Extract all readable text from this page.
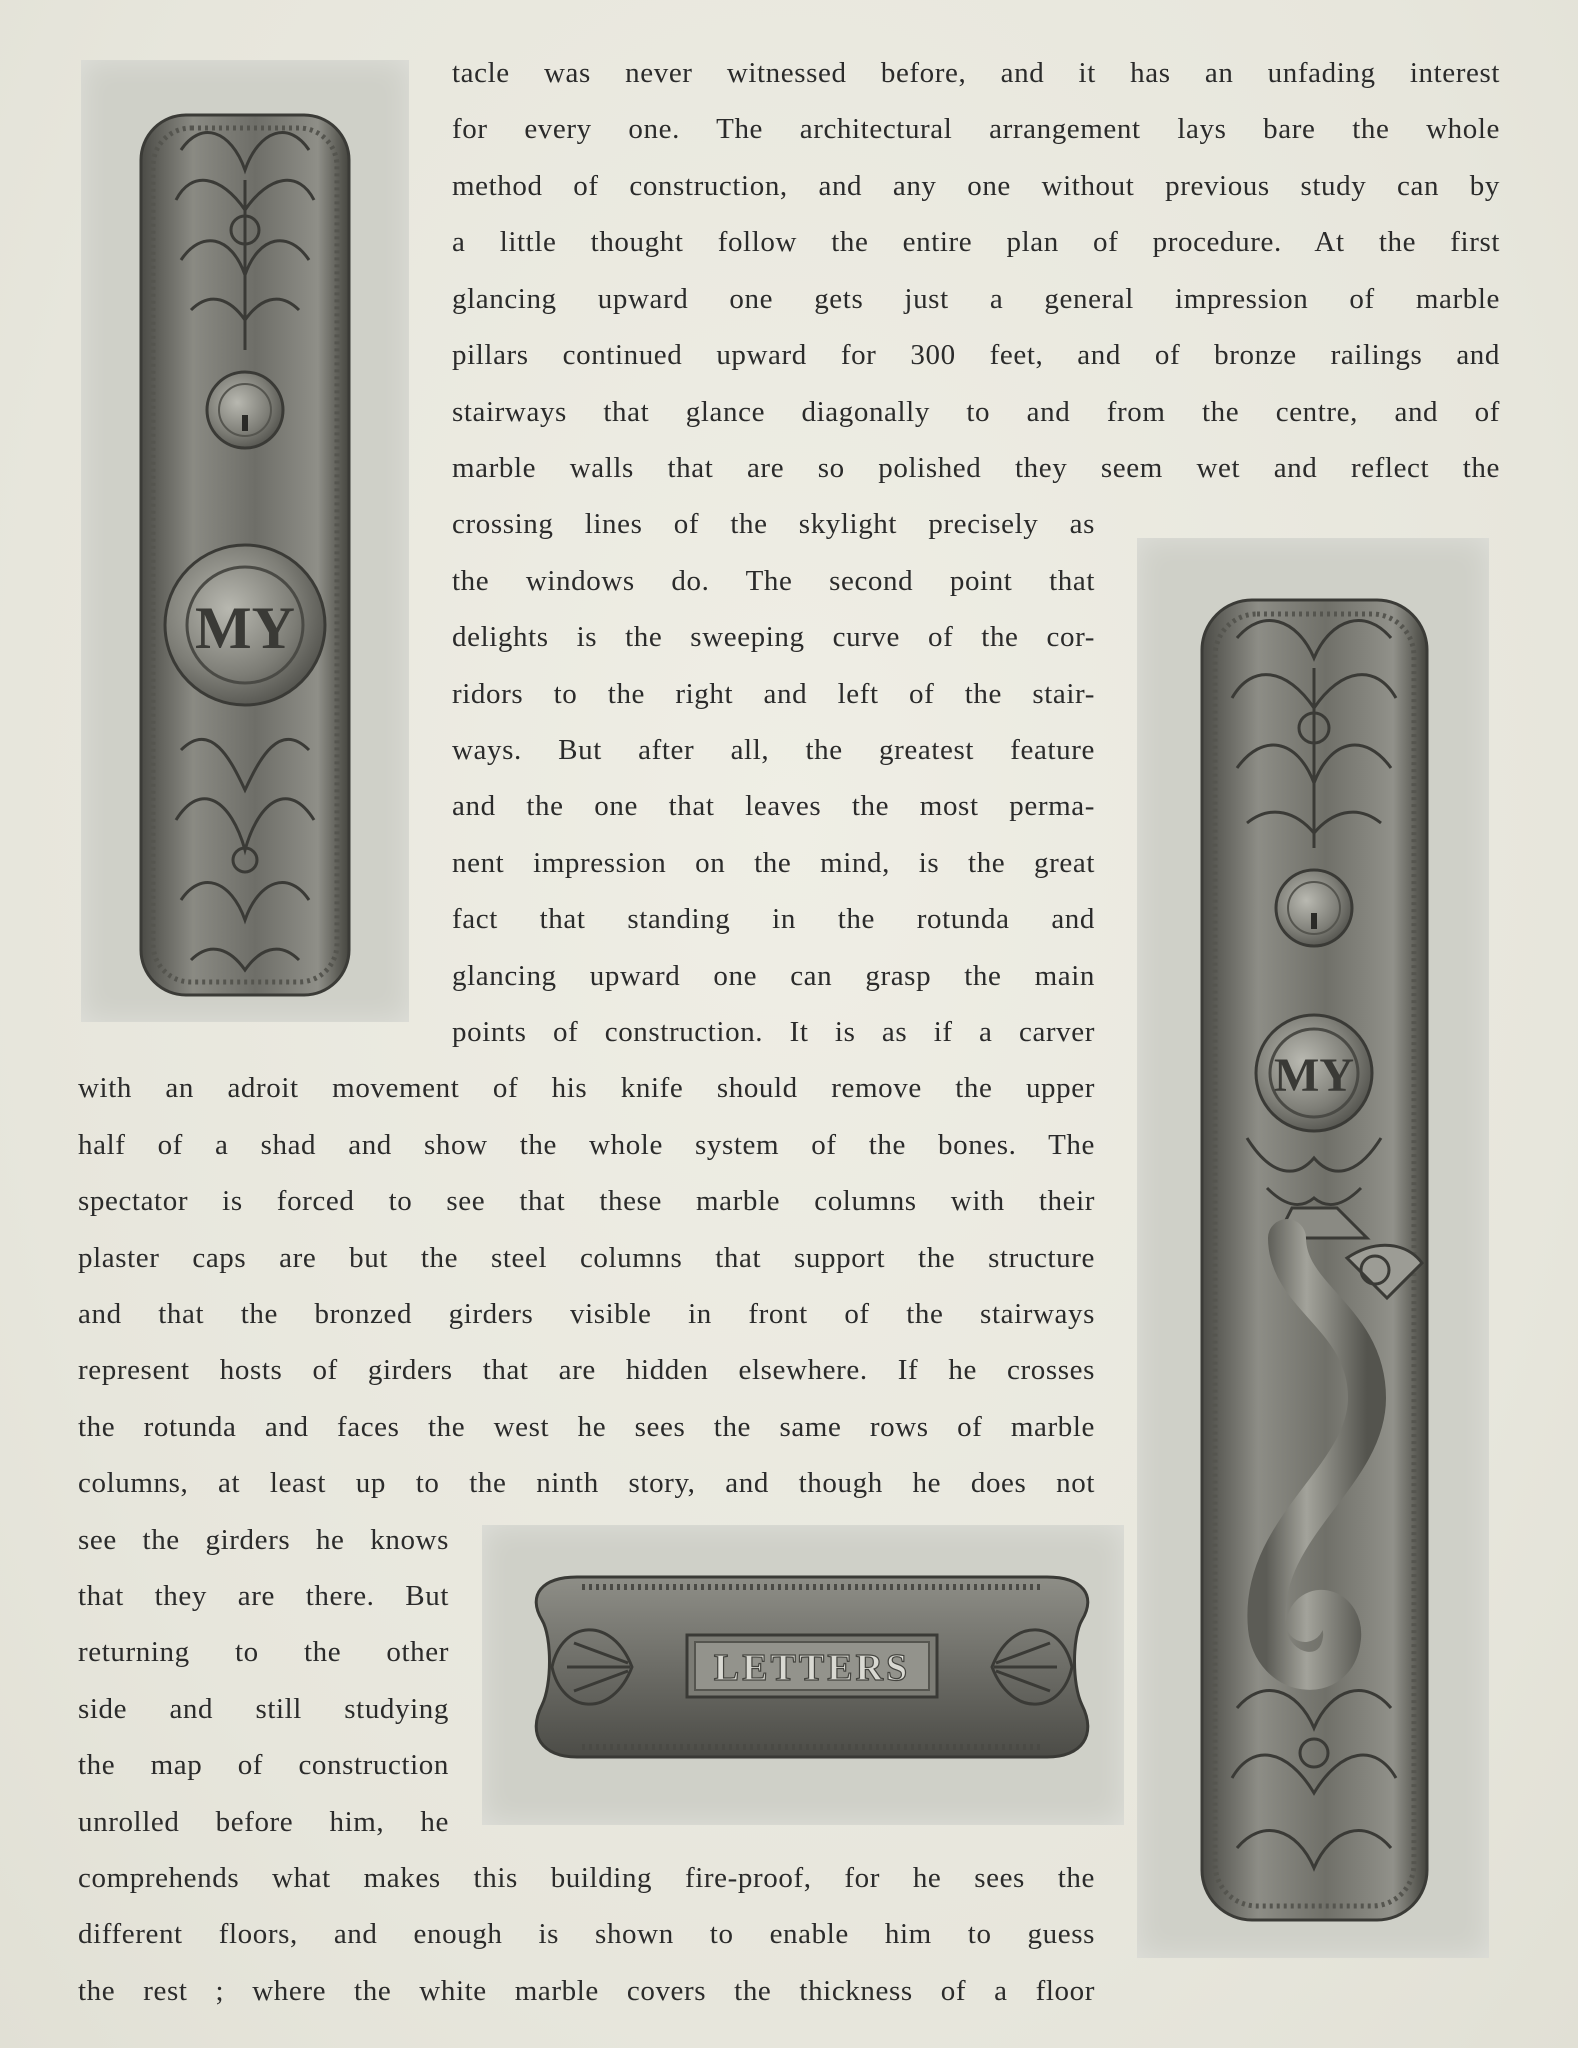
MY
MY
LETTERS

tacle was never witnessed before, and it has an unfading interest

for every one. The architectural arrangement lays bare the whole

method of construction, and any one without previous study can by

a little thought follow the entire plan of procedure. At the first

glancing upward one gets just a general impression of marble

pillars continued upward for 300 feet, and of bronze railings and

stairways that glance diagonally to and from the centre, and of

marble walls that are so polished they seem wet and reflect the

crossing lines of the skylight precisely as

the windows do. The second point that

delights is the sweeping curve of the cor-

ridors to the right and left of the stair-

ways. But after all, the greatest feature

and the one that leaves the most perma-

nent impression on the mind, is the great

fact that standing in the rotunda and

glancing upward one can grasp the main

points of construction. It is as if a carver

with an adroit movement of his knife should remove the upper

half of a shad and show the whole system of the bones. The

spectator is forced to see that these marble columns with their

plaster caps are but the steel columns that support the structure

and that the bronzed girders visible in front of the stairways

represent hosts of girders that are hidden elsewhere. If he crosses

the rotunda and faces the west he sees the same rows of marble

columns, at least up to the ninth story, and though he does not

see the girders he knows

that they are there. But

returning to the other

side and still studying

the map of construction

unrolled before him, he

comprehends what makes this building fire-proof, for he sees the

different floors, and enough is shown to enable him to guess

the rest ; where the white marble covers the thickness of a floor
